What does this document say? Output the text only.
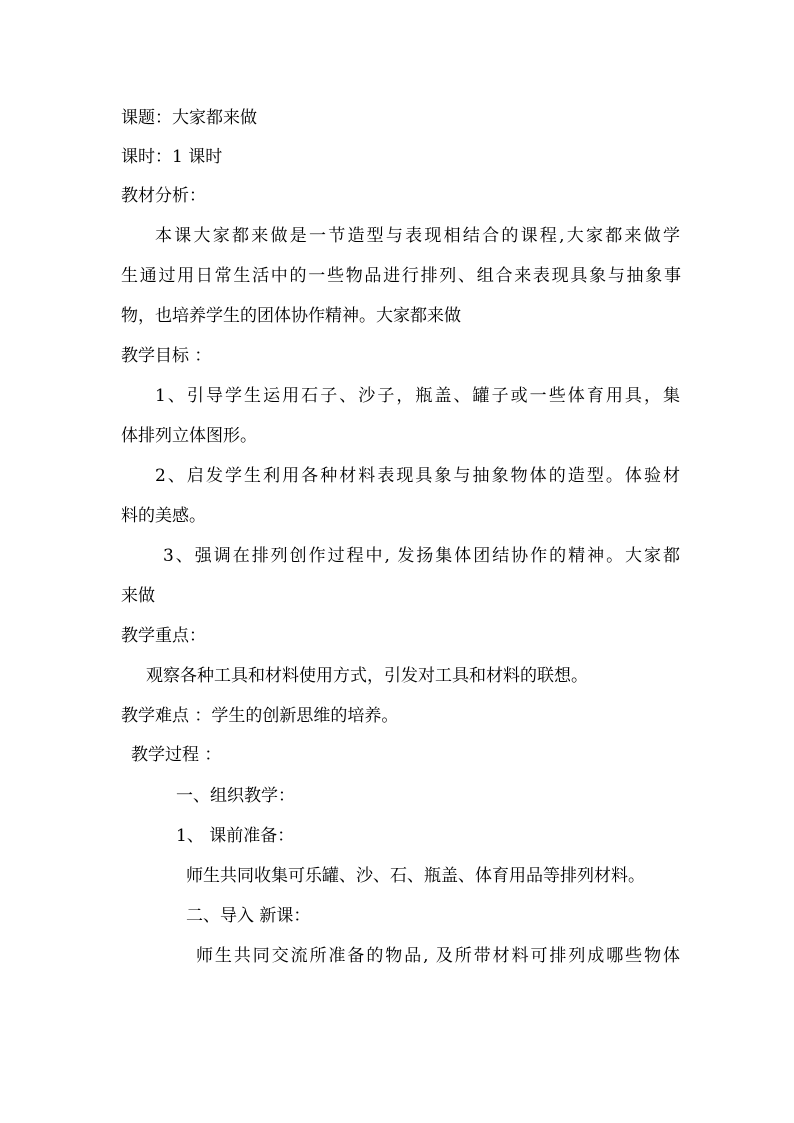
课题：大家都来做
课时：1 课时
教材分析：
本课大家都来做是一节造型与表现相结合的课程,大家都来做学
生通过用日常生活中的一些物品进行排列、组合来表现具象与抽象事
物，也培养学生的团体协作精神。大家都来做
教学目标 ：
1、引导学生运用石子、沙子，瓶盖、罐子或一些体育用具，集
体排列立体图形。
2、启发学生利用各种材料表现具象与抽象物体的造型。体验材
料的美感。
3、强调在排列创作过程中, 发扬集体团结协作的精神。大家都
来做
教学重点：
观察各种工具和材料使用方式，引发对工具和材料的联想。
教学难点 ：学生的创新思维的培养。
教学过程 ：
一、组织教学：
1、 课前准备：
师生共同收集可乐罐、沙、石、瓶盖、体育用品等排列材料。
二、导入 新课：
师生共同交流所准备的物品, 及所带材料可排列成哪些物体
